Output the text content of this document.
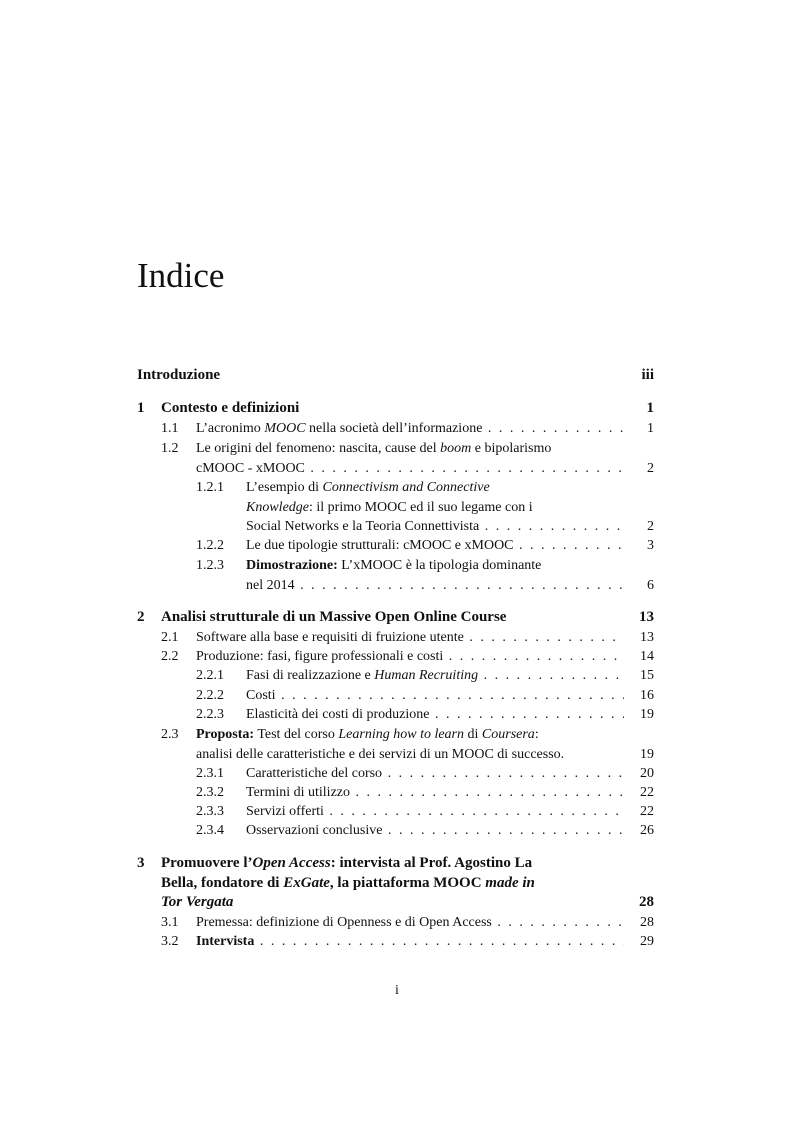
Indice
Introduzione	iii
1 Contesto e definizioni	1
1.1 L’acronimo MOOC nella società dell’informazione . . .	1
1.2 Le origini del fenomeno: nascita, cause del boom e bipolarismo
cMOOC - xMOOC . . .	2
1.2.1 L’esempio di Connectivism and Connective
Knowledge: il primo MOOC ed il suo legame con i
Social Networks e la Teoria Connettivista . . .	2
1.2.2 Le due tipologie strutturali: cMOOC e xMOOC . . .	3
1.2.3 Dimostrazione: L’xMOOC è la tipologia dominante
nel 2014 . . .	6
2 Analisi strutturale di un Massive Open Online Course	13
2.1 Software alla base e requisiti di fruizione utente . . .	13
2.2 Produzione: fasi, figure professionali e costi . . .	14
2.2.1 Fasi di realizzazione e Human Recruiting . . .	15
2.2.2 Costi . . .	16
2.2.3 Elasticità dei costi di produzione . . .	19
2.3 Proposta: Test del corso Learning how to learn di Coursera:
analisi delle caratteristiche e dei servizi di un MOOC di successo.	19
2.3.1 Caratteristiche del corso . . .	20
2.3.2 Termini di utilizzo . . .	22
2.3.3 Servizi offerti . . .	22
2.3.4 Osservazioni conclusive . . .	26
3 Promuovere l’Open Access: intervista al Prof. Agostino La
Bella, fondatore di ExGate, la piattaforma MOOC made in
Tor Vergata	28
3.1 Premessa: definizione di Openness e di Open Access . . .	28
3.2 Intervista . . .	29
i
